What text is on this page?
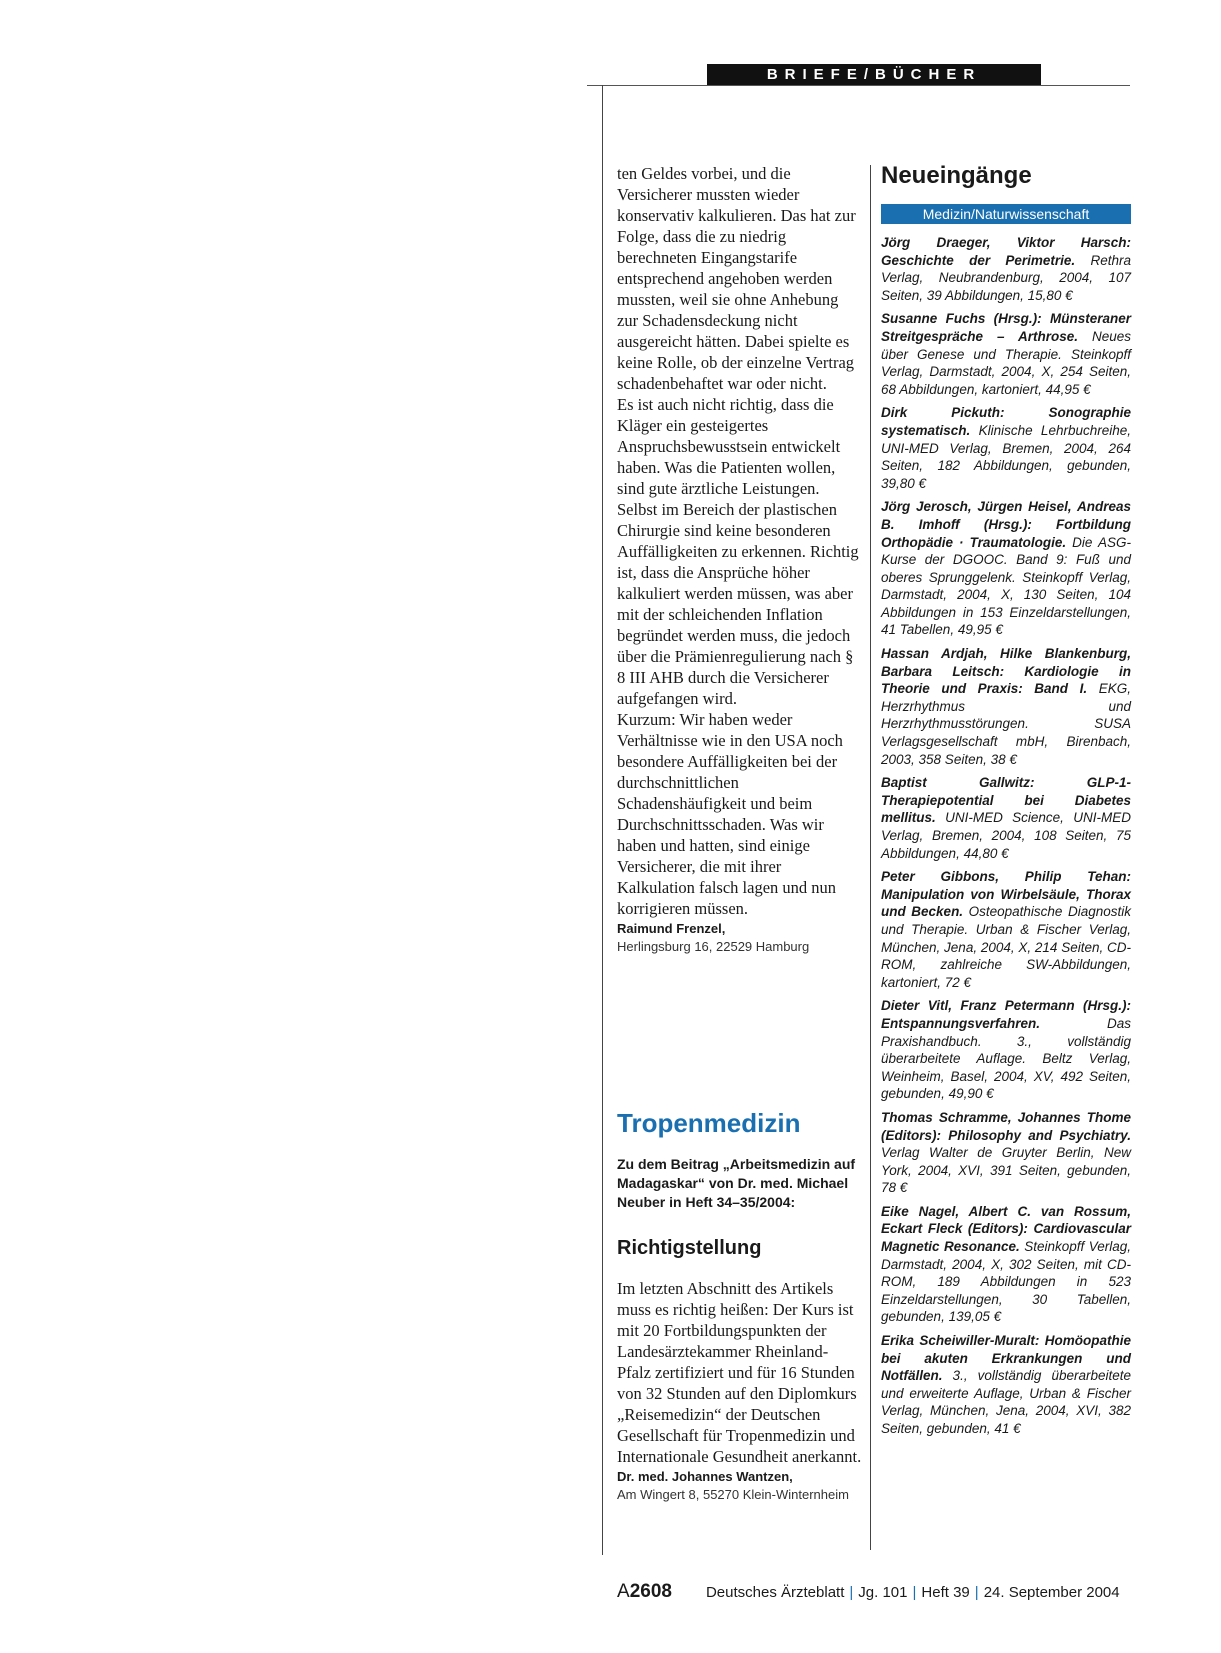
BRIEFE/BÜCHER

ten Geldes vorbei, und die Versicherer mussten wieder konservativ kalkulieren. Das hat zur Folge, dass die zu niedrig berechneten Eingangstarife entsprechend angehoben werden mussten, weil sie ohne Anhebung zur Schadensdeckung nicht ausgereicht hätten. Dabei spielte es keine Rolle, ob der einzelne Vertrag schadenbehaftet war oder nicht.

Es ist auch nicht richtig, dass die Kläger ein gesteigertes Anspruchsbewusstsein entwickelt haben. Was die Patienten wollen, sind gute ärztliche Leistungen. Selbst im Bereich der plastischen Chirurgie sind keine besonderen Auffälligkeiten zu erkennen. Richtig ist, dass die Ansprüche höher kalkuliert werden müssen, was aber mit der schleichenden Inflation begründet werden muss, die jedoch über die Prämienregulierung nach § 8 III AHB durch die Versicherer aufgefangen wird.

Kurzum: Wir haben weder Verhältnisse wie in den USA noch besondere Auffälligkeiten bei der durchschnittlichen Schadenshäufigkeit und beim Durchschnittsschaden. Was wir haben und hatten, sind einige Versicherer, die mit ihrer Kalkulation falsch lagen und nun korrigieren müssen.

Raimund Frenzel,
Herlingsburg 16, 22529 Hamburg
Tropenmedizin
Zu dem Beitrag „Arbeitsmedizin auf Madagaskar“ von Dr. med. Michael Neuber in Heft 34–35/2004:
Richtigstellung

Im letzten Abschnitt des Artikels muss es richtig heißen: Der Kurs ist mit 20 Fortbildungspunkten der Landesärztekammer Rheinland-Pfalz zertifiziert und für 16 Stunden von 32 Stunden auf den Diplomkurs „Reisemedizin“ der Deutschen Gesellschaft für Tropenmedizin und Internationale Gesundheit anerkannt.

Dr. med. Johannes Wantzen,
Am Wingert 8, 55270 Klein-Winternheim
Neueingänge
Medizin/Naturwissenschaft
Jörg Draeger, Viktor Harsch: Geschichte der Perimetrie. Rethra Verlag, Neubrandenburg, 2004, 107 Seiten, 39 Abbildungen, 15,80 €
Susanne Fuchs (Hrsg.): Münsteraner Streitgespräche – Arthrose. Neues über Genese und Therapie. Steinkopff Verlag, Darmstadt, 2004, X, 254 Seiten, 68 Abbildungen, kartoniert, 44,95 €
Dirk Pickuth: Sonographie systematisch. Klinische Lehrbuchreihe, UNI-MED Verlag, Bremen, 2004, 264 Seiten, 182 Abbildungen, gebunden, 39,80 €
Jörg Jerosch, Jürgen Heisel, Andreas B. Imhoff (Hrsg.): Fortbildung Orthopädie · Traumatologie. Die ASG-Kurse der DGOOC. Band 9: Fuß und oberes Sprunggelenk. Steinkopff Verlag, Darmstadt, 2004, X, 130 Seiten, 104 Abbildungen in 153 Einzeldarstellungen, 41 Tabellen, 49,95 €
Hassan Ardjah, Hilke Blankenburg, Barbara Leitsch: Kardiologie in Theorie und Praxis: Band I. EKG, Herzrhythmus und Herzrhythmusstörungen. SUSA Verlagsgesellschaft mbH, Birenbach, 2003, 358 Seiten, 38 €
Baptist Gallwitz: GLP-1-Therapiepotential bei Diabetes mellitus. UNI-MED Science, UNI-MED Verlag, Bremen, 2004, 108 Seiten, 75 Abbildungen, 44,80 €
Peter Gibbons, Philip Tehan: Manipulation von Wirbelsäule, Thorax und Becken. Osteopathische Diagnostik und Therapie. Urban & Fischer Verlag, München, Jena, 2004, X, 214 Seiten, CD-ROM, zahlreiche SW-Abbildungen, kartoniert, 72 €
Dieter Vitl, Franz Petermann (Hrsg.): Entspannungsverfahren. Das Praxishandbuch. 3., vollständig überarbeitete Auflage. Beltz Verlag, Weinheim, Basel, 2004, XV, 492 Seiten, gebunden, 49,90 €
Thomas Schramme, Johannes Thome (Editors): Philosophy and Psychiatry. Verlag Walter de Gruyter Berlin, New York, 2004, XVI, 391 Seiten, gebunden, 78 €
Eike Nagel, Albert C. van Rossum, Eckart Fleck (Editors): Cardiovascular Magnetic Resonance. Steinkopff Verlag, Darmstadt, 2004, X, 302 Seiten, mit CD-ROM, 189 Abbildungen in 523 Einzeldarstellungen, 30 Tabellen, gebunden, 139,05 €
Erika Scheiwiller-Muralt: Homöopathie bei akuten Erkrankungen und Notfällen. 3., vollständig überarbeitete und erweiterte Auflage, Urban & Fischer Verlag, München, Jena, 2004, XVI, 382 Seiten, gebunden, 41 €
A2608 Deutsches Ärzteblatt | Jg. 101 | Heft 39 | 24. September 2004
